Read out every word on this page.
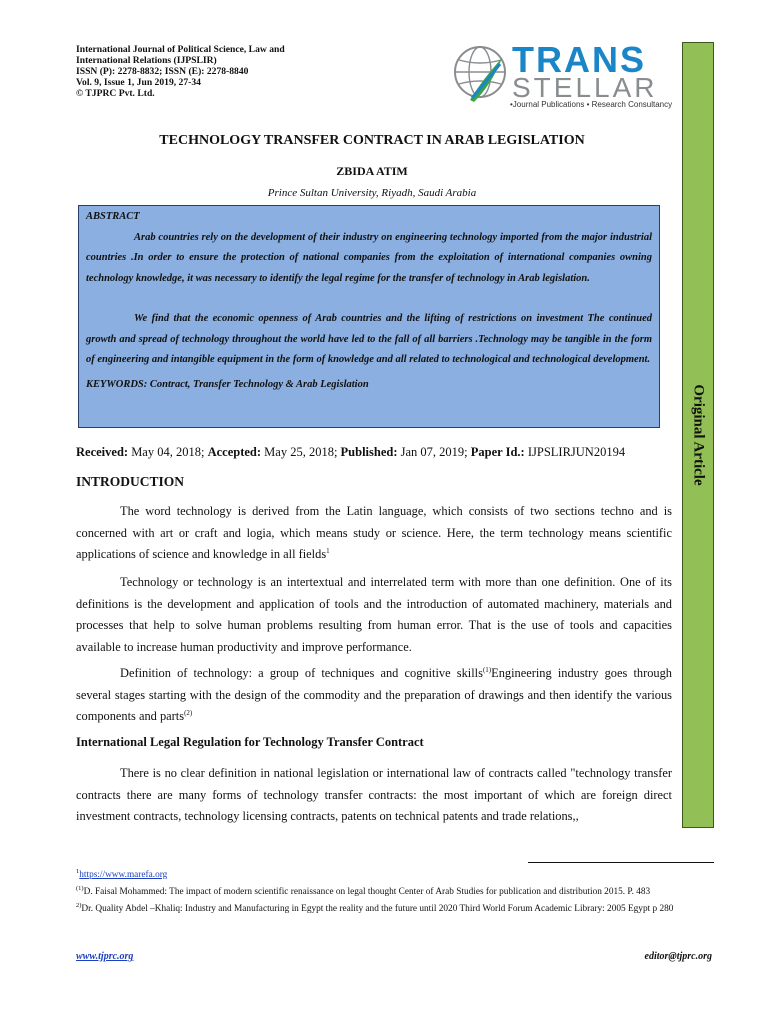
International Journal of Political Science, Law and
International Relations (IJPSLIR)
ISSN (P): 2278-8832; ISSN (E): 2278-8840
Vol. 9, Issue 1, Jun 2019, 27-34
© TJPRC Pvt. Ltd.
TRANS
STELLAR
•Journal Publications • Research Consultancy
Original Article
TECHNOLOGY TRANSFER CONTRACT IN ARAB LEGISLATION
ZBIDA ATIM
Prince Sultan University, Riyadh, Saudi Arabia

ABSTRACT

Arab countries rely on the development of their industry on engineering technology imported from the major industrial countries .In order to ensure the protection of national companies from the exploitation of international companies owning technology knowledge, it was necessary to identify the legal regime for the transfer of technology in Arab legislation.

We find that the economic openness of Arab countries and the lifting of restrictions on investment The continued growth and spread of technology throughout the world have led to the fall of all barriers .Technology may be tangible in the form of engineering and intangible equipment in the form of knowledge and all related to technological and technological development.

KEYWORDS: Contract, Transfer Technology & Arab Legislation

Received: May 04, 2018; Accepted: May 25, 2018; Published: Jan 07, 2019; Paper Id.: IJPSLIRJUN20194
INTRODUCTION

The word technology is derived from the Latin language, which consists of two sections techno and is concerned with art or craft and logia, which means study or science. Here, the term technology means scientific applications of science and knowledge in all fields$^1$

Technology or technology is an intertextual and interrelated term with more than one definition. One of its definitions is the development and application of tools and the introduction of automated machinery, materials and processes that help to solve human problems resulting from human error. That is the use of tools and capacities available to increase human productivity and improve performance.

Definition of technology: a group of techniques and cognitive skills$^{(1)}$Engineering industry goes through several stages starting with the design of the commodity and the preparation of drawings and then identify the various components and parts$^{(2)}$

International Legal Regulation for Technology Transfer Contract

There is no clear definition in national legislation or international law of contracts called "technology transfer contracts there are many forms of technology transfer contracts: the most important of which are foreign direct investment contracts, technology licensing contracts, patents on technical patents and trade relations,,

$^1$https://www.marefa.org

$^{(1)}$D. Faisal Mohammed: The impact of modern scientific renaissance on legal thought Center of Arab Studies for publication and distribution 2015. P. 483

$^{2)}$Dr. Quality Abdel –Khaliq: Industry and Manufacturing in Egypt the reality and the future until 2020 Third World Forum Academic Library: 2005 Egypt p 280

www.tjprc.org	editor@tjprc.org
